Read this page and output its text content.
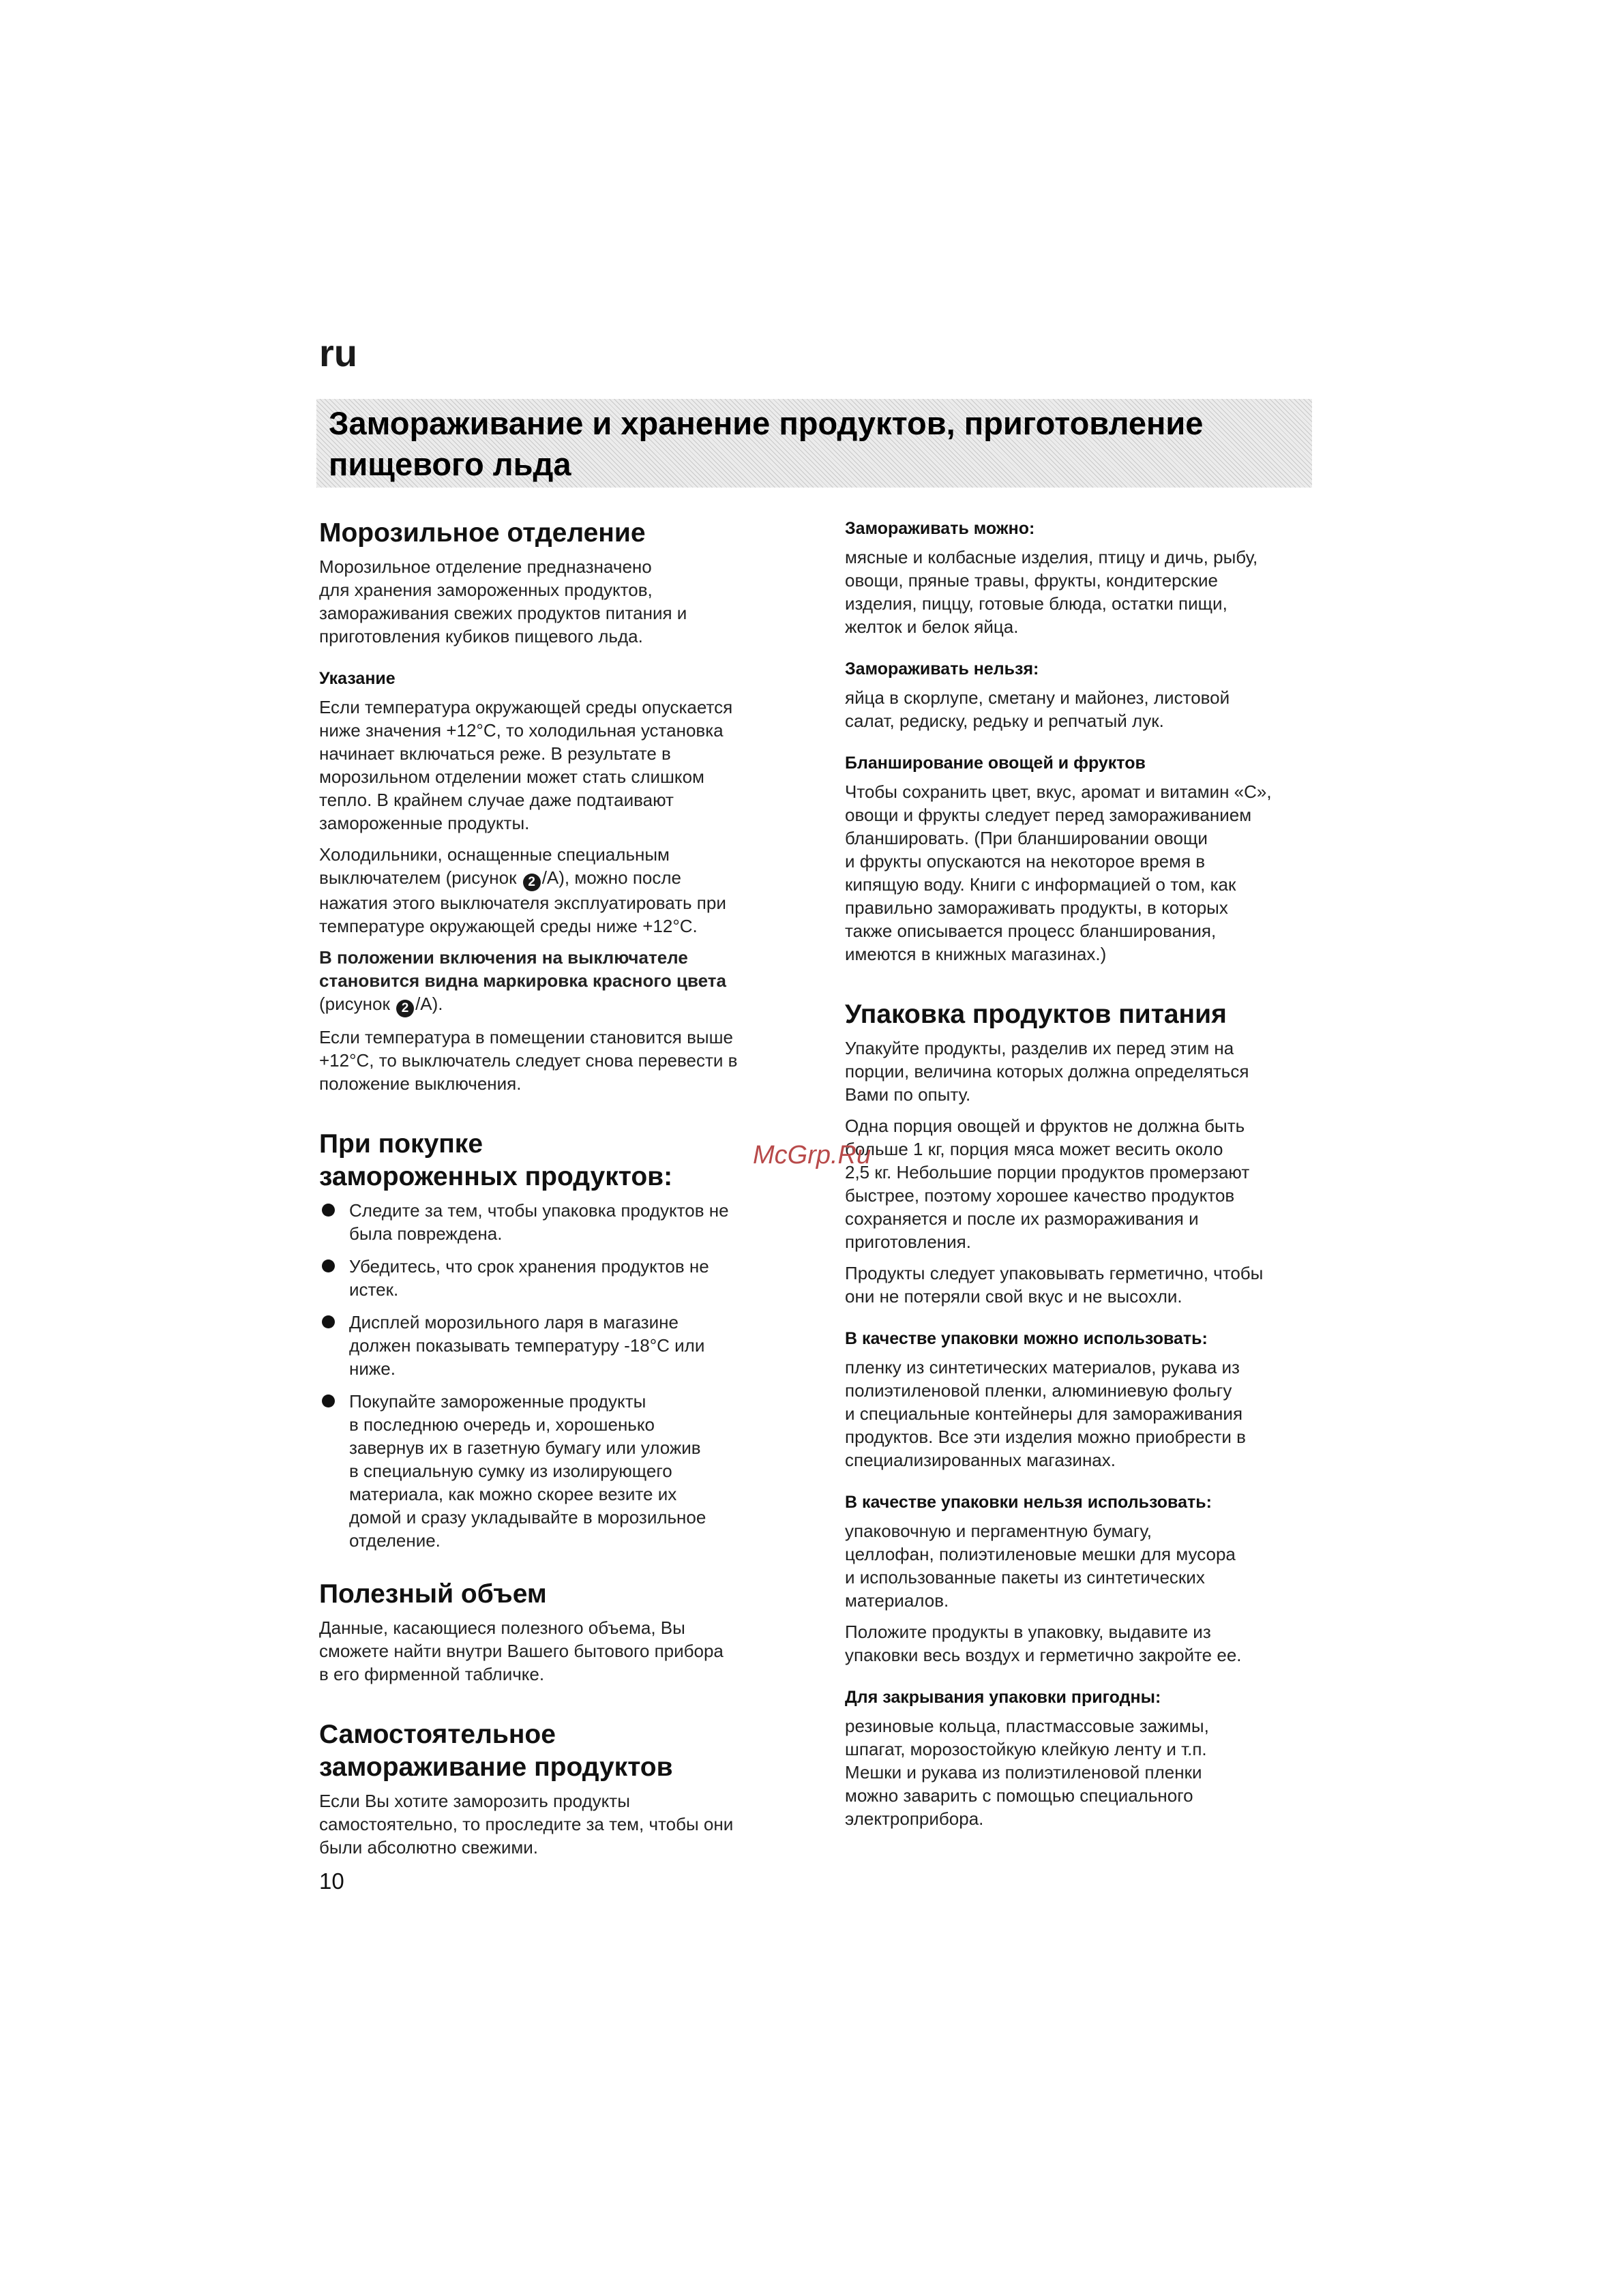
ru
Замораживание и хранение продуктов, приготовление
пищевого льда
Морозильное отделение

Морозильное отделение предназначено
для хранения замороженных продуктов,
замораживания свежих продуктов питания и
приготовления кубиков пищевого льда.

Указание

Если температура окружающей среды опускается
ниже значения +12°C, то холодильная установка
начинает включаться реже. В результате в
морозильном отделении может стать слишком
тепло. В крайнем случае даже подтаивают
замороженные продукты.

Холодильники, оснащенные специальным
выключателем (рисунок 2 /A), можно после
нажатия этого выключателя эксплуатировать при
температуре окружающей среды ниже +12°C.

В положении включения на выключателе
становится видна маркировка красного цвета
(рисунок 2 /A).

Если температура в помещении становится выше
+12°C, то выключатель следует снова перевести в
положение выключения.

При покупке
замороженных продуктов:
Следите за тем, чтобы упаковка продуктов не
была повреждена.
Убедитесь, что срок хранения продуктов не
истек.
Дисплей морозильного ларя в магазине
должен показывать температуру -18°C или
ниже.
Покупайте замороженные продукты
в последнюю очередь и, хорошенько
завернув их в газетную бумагу или уложив
в специальную сумку из изолирующего
материала, как можно скорее везите их
домой и сразу укладывайте в морозильное
отделение.
Полезный объем

Данные, касающиеся полезного объема, Вы
сможете найти внутри Вашего бытового прибора
в его фирменной табличке.

Самостоятельное
замораживание продуктов

Если Вы хотите заморозить продукты
самостоятельно, то проследите за тем, чтобы они
были абсолютно свежими.

Замораживать можно:

мясные и колбасные изделия, птицу и дичь, рыбу,
овощи, пряные травы, фрукты, кондитерские
изделия, пиццу, готовые блюда, остатки пищи,
желток и белок яйца.

Замораживать нельзя:

яйца в скорлупе, сметану и майонез, листовой
салат, редиску, редьку и репчатый лук.

Бланширование овощей и фруктов

Чтобы сохранить цвет, вкус, аромат и витамин «C»,
овощи и фрукты следует перед замораживанием
бланшировать. (При бланшировании овощи
и фрукты опускаются на некоторое время в
кипящую воду. Книги с информацией о том, как
правильно замораживать продукты, в которых
также описывается процесс бланширования,
имеются в книжных магазинах.)

Упаковка продуктов питания

Упакуйте продукты, разделив их перед этим на
порции, величина которых должна определяться
Вами по опыту.

Одна порция овощей и фруктов не должна быть
больше 1 кг, порция мяса может весить около
2,5 кг. Небольшие порции продуктов промерзают
быстрее, поэтому хорошее качество продуктов
сохраняется и после их размораживания и
приготовления.

Продукты следует упаковывать герметично, чтобы
они не потеряли свой вкус и не высохли.

В качестве упаковки можно использовать:

пленку из синтетических материалов, рукава из
полиэтиленовой пленки, алюминиевую фольгу
и специальные контейнеры для замораживания
продуктов. Все эти изделия можно приобрести в
специализированных магазинах.

В качестве упаковки нельзя использовать:

упаковочную и пергаментную бумагу,
целлофан, полиэтиленовые мешки для мусора
и использованные пакеты из синтетических
материалов.

Положите продукты в упаковку, выдавите из
упаковки весь воздух и герметично закройте ее.

Для закрывания упаковки пригодны:

резиновые кольца, пластмассовые зажимы,
шпагат, морозостойкую клейкую ленту и т.п.
Мешки и рукава из полиэтиленовой пленки
можно заварить с помощью специального
электроприбора.

McGrp.Ru
10
